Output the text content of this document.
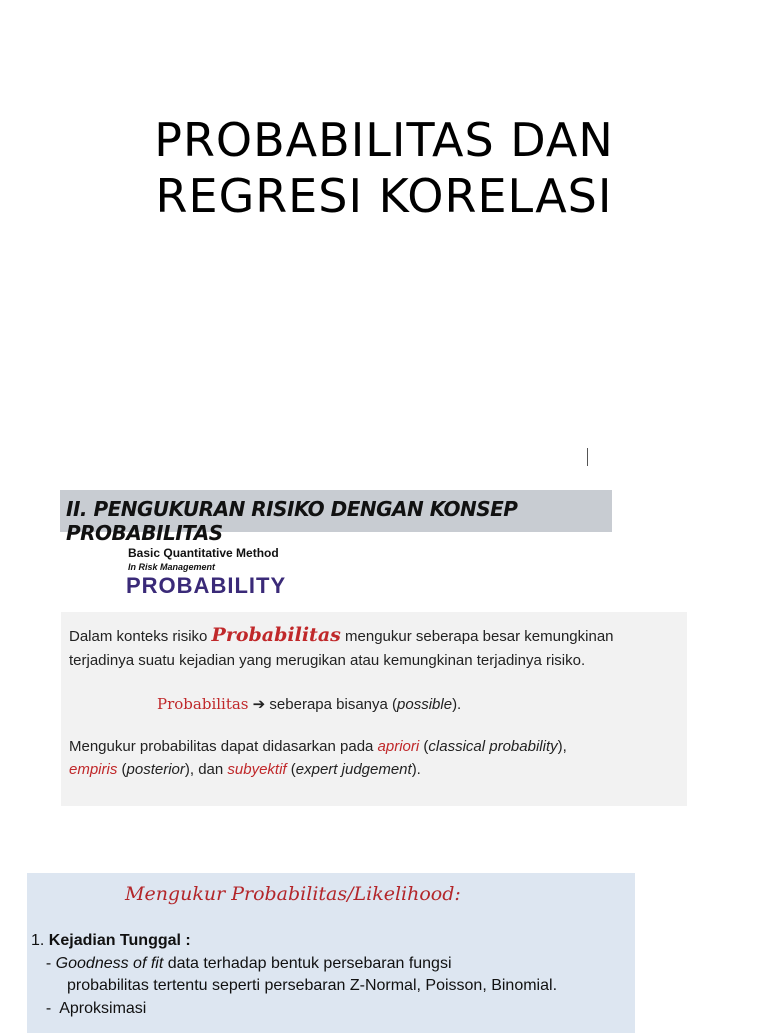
PROBABILITAS DAN
REGRESI KORELASI
II. PENGUKURAN RISIKO DENGAN KONSEP PROBABILITAS
Basic Quantitative Method
In Risk Management
PROBABILITY

Dalam konteks risiko Probabilitas mengukur seberapa besar kemungkinan

terjadinya suatu kejadian yang merugikan atau kemungkinan terjadinya risiko.

Probabilitas ➔ seberapa bisanya (possible).

Mengukur probabilitas dapat didasarkan pada apriori (classical probability),

empiris (posterior), dan subyektif (expert judgement).

Mengukur Probabilitas/Likelihood:
1. Kejadian Tunggal :
- Goodness of fit data terhadap bentuk persebaran fungsi
probabilitas tertentu seperti persebaran Z-Normal, Poisson, Binomial.
-  Aproksimasi
